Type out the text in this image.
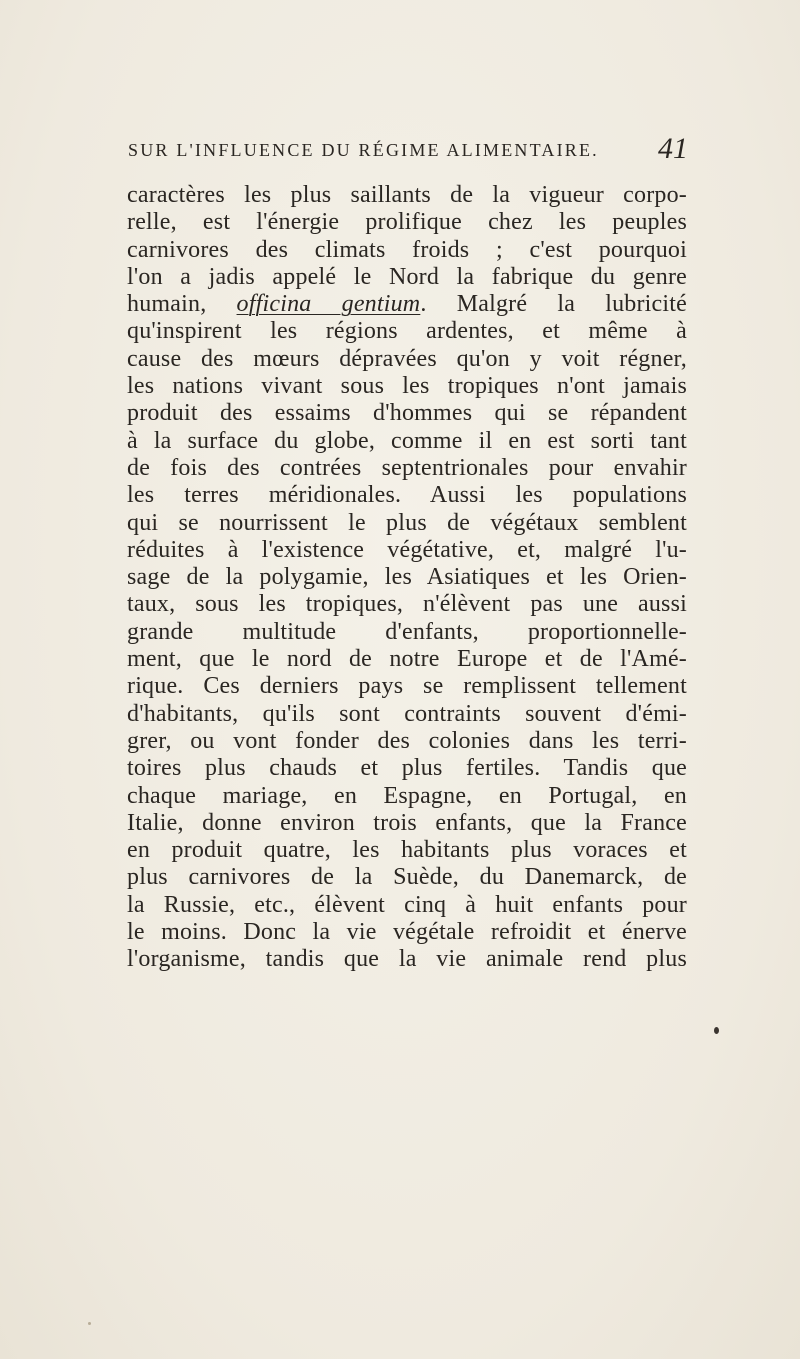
SUR L'INFLUENCE DU RÉGIME ALIMENTAIRE. 41
caractères les plus saillants de la vigueur corpo-
relle, est l'énergie prolifique chez les peuples
carnivores des climats froids ; c'est pourquoi
l'on a jadis appelé le Nord la fabrique du genre
humain, officina gentium. Malgré la lubricité
qu'inspirent les régions ardentes, et même à
cause des mœurs dépravées qu'on y voit régner,
les nations vivant sous les tropiques n'ont jamais
produit des essaims d'hommes qui se répandent
à la surface du globe, comme il en est sorti tant
de fois des contrées septentrionales pour envahir
les terres méridionales. Aussi les populations
qui se nourrissent le plus de végétaux semblent
réduites à l'existence végétative, et, malgré l'u-
sage de la polygamie, les Asiatiques et les Orien-
taux, sous les tropiques, n'élèvent pas une aussi
grande multitude d'enfants, proportionnelle-
ment, que le nord de notre Europe et de l'Amé-
rique. Ces derniers pays se remplissent tellement
d'habitants, qu'ils sont contraints souvent d'émi-
grer, ou vont fonder des colonies dans les terri-
toires plus chauds et plus fertiles. Tandis que
chaque mariage, en Espagne, en Portugal, en
Italie, donne environ trois enfants, que la France
en produit quatre, les habitants plus voraces et
plus carnivores de la Suède, du Danemarck, de
la Russie, etc., élèvent cinq à huit enfants pour
le moins. Donc la vie végétale refroidit et énerve
l'organisme, tandis que la vie animale rend plus
